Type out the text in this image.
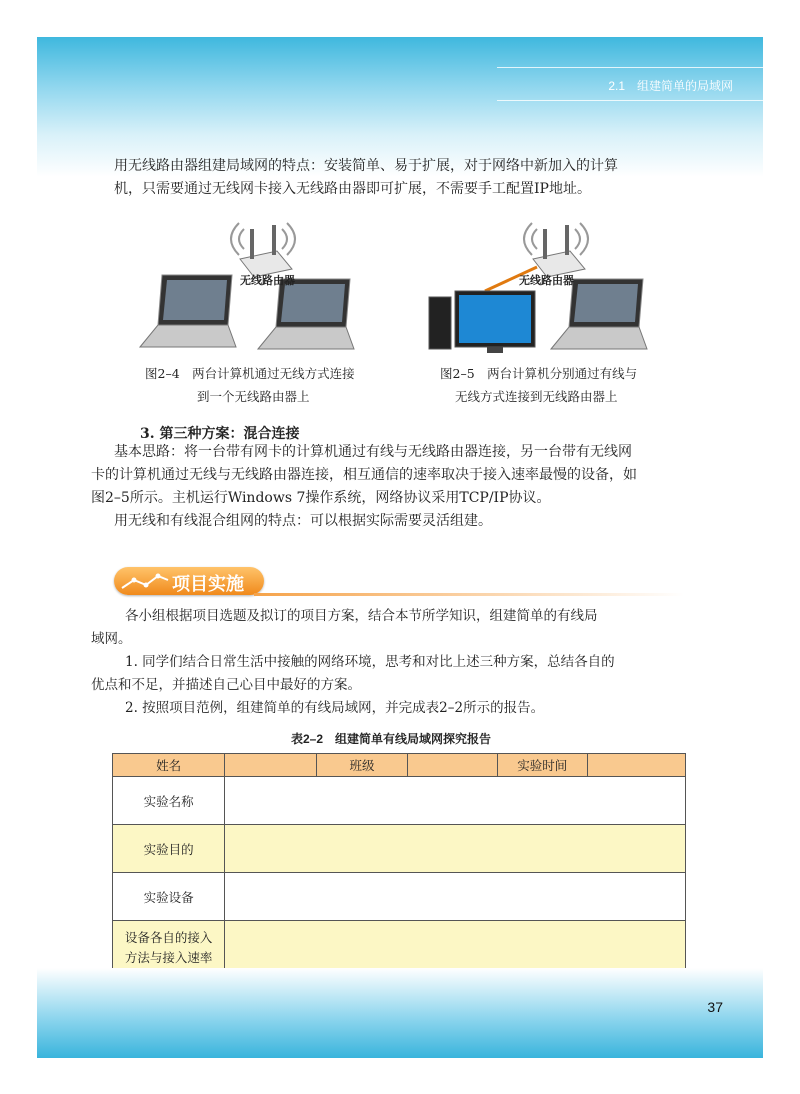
2.1　组建简单的局域网
用无线路由器组建局域网的特点：安装简单、易于扩展，对于网络中新加入的计算
机，只需要通过无线网卡接入无线路由器即可扩展，不需要手工配置IP地址。
无线路由器
图2–4　两台计算机通过无线方式连接
到一个无线路由器上
无线路由器
图2–5　两台计算机分别通过有线与
无线方式连接到无线路由器上
3. 第三种方案：混合连接
基本思路：将一台带有网卡的计算机通过有线与无线路由器连接，另一台带有无线网
卡的计算机通过无线与无线路由器连接，相互通信的速率取决于接入速率最慢的设备，如
图2–5所示。主机运行Windows 7操作系统，网络协议采用TCP/IP协议。
用无线和有线混合组网的特点：可以根据实际需要灵活组建。
项目实施
各小组根据项目选题及拟订的项目方案，结合本节所学知识，组建简单的有线局
域网。
1. 同学们结合日常生活中接触的网络环境，思考和对比上述三种方案，总结各自的
优点和不足，并描述自己心目中最好的方案。
2. 按照项目范例，组建简单的有线局域网，并完成表2–2所示的报告。
表2–2　组建简单有线局域网探究报告
姓名		班级		实验时间	
实验名称					
实验目的					
实验设备					

设备各自的接入
方法与接入速率					

37
